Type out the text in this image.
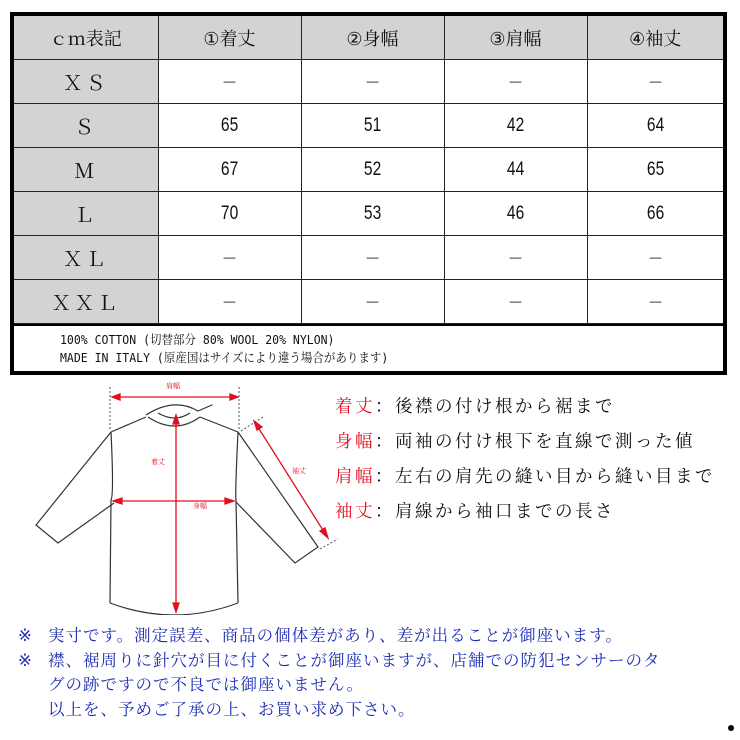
ｃｍ表記	①着丈	②身幅	③肩幅	④袖丈
ＸＳ	－	－	－	－
Ｓ	65	51	42	64
Ｍ	67	52	44	65
Ｌ	70	53	46	66
ＸＬ	－	－	－	－
ＸＸＬ	－	－	－	－
100% COTTON (切替部分 80% WOOL 20% NYLON)
MADE IN ITALY (原産国はサイズにより違う場合があります)
肩幅
着丈
身幅
袖丈
着丈：後襟の付け根から裾まで
身幅：両袖の付け根下を直線で測った値
肩幅：左右の肩先の縫い目から縫い目まで
袖丈：肩線から袖口までの長さ
※ 実寸です。測定誤差、商品の個体差があり、差が出ることが御座います。
※ 襟、裾周りに針穴が目に付くことが御座いますが、店舗での防犯センサーのタ
グの跡ですので不良では御座いません。
以上を、予めご了承の上、お買い求め下さい。
